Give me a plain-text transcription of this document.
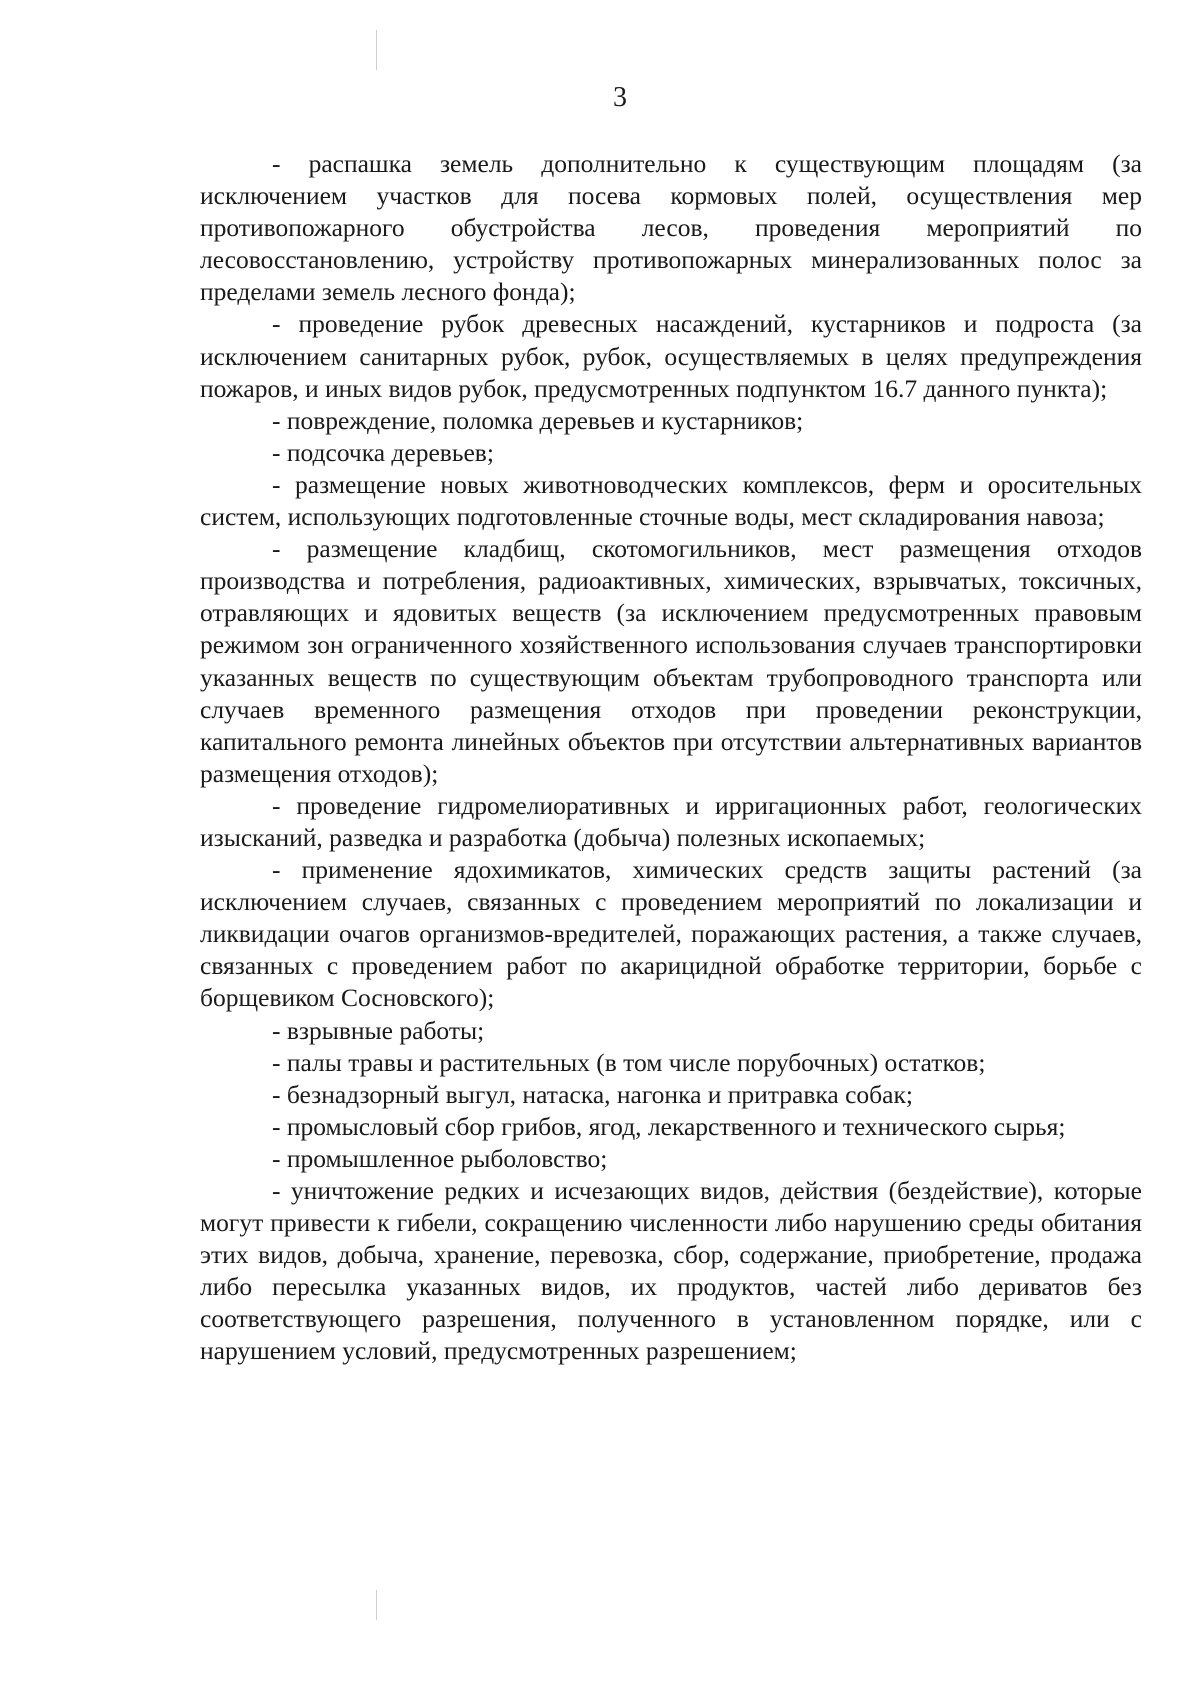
3

- распашка земель дополнительно к существующим площадям (за исключением участков для посева кормовых полей, осуществления мер противопожарного обустройства лесов, проведения мероприятий по лесовосстановлению, устройству противопожарных минерализованных полос за пределами земель лесного фонда);

- проведение рубок древесных насаждений, кустарников и подроста (за исключением санитарных рубок, рубок, осуществляемых в целях предупреждения пожаров, и иных видов рубок, предусмотренных подпунктом 16.7 данного пункта);

- повреждение, поломка деревьев и кустарников;

- подсочка деревьев;

- размещение новых животноводческих комплексов, ферм и оросительных систем, использующих подготовленные сточные воды, мест складирования навоза;

- размещение кладбищ, скотомогильников, мест размещения отходов производства и потребления, радиоактивных, химических, взрывчатых, токсичных, отравляющих и ядовитых веществ (за исключением предусмотренных правовым режимом зон ограниченного хозяйственного использования случаев транспортировки указанных веществ по существующим объектам трубопроводного транспорта или случаев временного размещения отходов при проведении реконструкции, капитального ремонта линейных объектов при отсутствии альтернативных вариантов размещения отходов);

- проведение гидромелиоративных и ирригационных работ, геологических изысканий, разведка и разработка (добыча) полезных ископаемых;

- применение ядохимикатов, химических средств защиты растений (за исключением случаев, связанных с проведением мероприятий по локализации и ликвидации очагов организмов-вредителей, поражающих растения, а также случаев, связанных с проведением работ по акарицидной обработке территории, борьбе с борщевиком Сосновского);

- взрывные работы;

- палы травы и растительных (в том числе порубочных) остатков;

- безнадзорный выгул, натаска, нагонка и притравка собак;

- промысловый сбор грибов, ягод, лекарственного и технического сырья;

- промышленное рыболовство;

- уничтожение редких и исчезающих видов, действия (бездействие), которые могут привести к гибели, сокращению численности либо нарушению среды обитания этих видов, добыча, хранение, перевозка, сбор, содержание, приобретение, продажа либо пересылка указанных видов, их продуктов, частей либо дериватов без соответствующего разрешения, полученного в установленном порядке, или с нарушением условий, предусмотренных разрешением;
